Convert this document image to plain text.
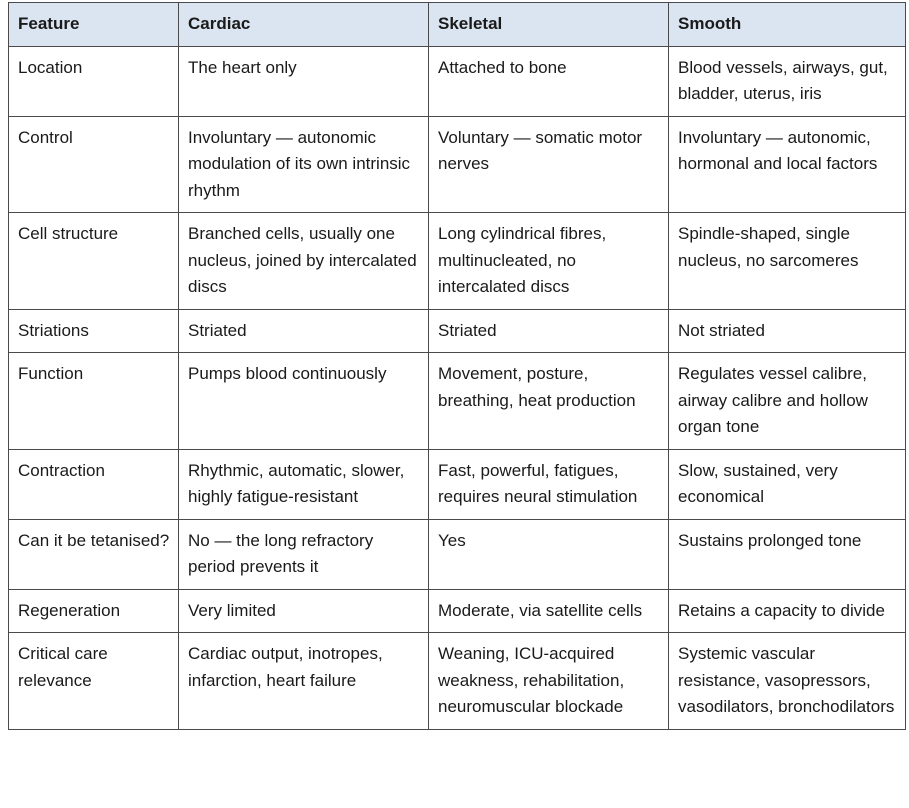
Feature	Cardiac	Skeletal	Smooth
Location	The heart only	Attached to bone	Blood vessels, airways, gut, bladder, uterus, iris
Control	Involuntary — autonomic modulation of its own intrinsic rhythm	Voluntary — somatic motor nerves	Involuntary — autonomic, hormonal and local factors
Cell structure	Branched cells, usually one nucleus, joined by intercalated discs	Long cylindrical fibres, multinucleated, no intercalated discs	Spindle-shaped, single nucleus, no sarcomeres
Striations	Striated	Striated	Not striated
Function	Pumps blood continuously	Movement, posture, breathing, heat production	Regulates vessel calibre, airway calibre and hollow organ tone
Contraction	Rhythmic, automatic, slower, highly fatigue-resistant	Fast, powerful, fatigues, requires neural stimulation	Slow, sustained, very economical
Can it be tetanised?	No — the long refractory period prevents it	Yes	Sustains prolonged tone
Regeneration	Very limited	Moderate, via satellite cells	Retains a capacity to divide
Critical care relevance	Cardiac output, inotropes, infarction, heart failure	Weaning, ICU-acquired weakness, rehabilitation, neuromuscular blockade	Systemic vascular resistance, vasopressors, vasodilators, bronchodilators
